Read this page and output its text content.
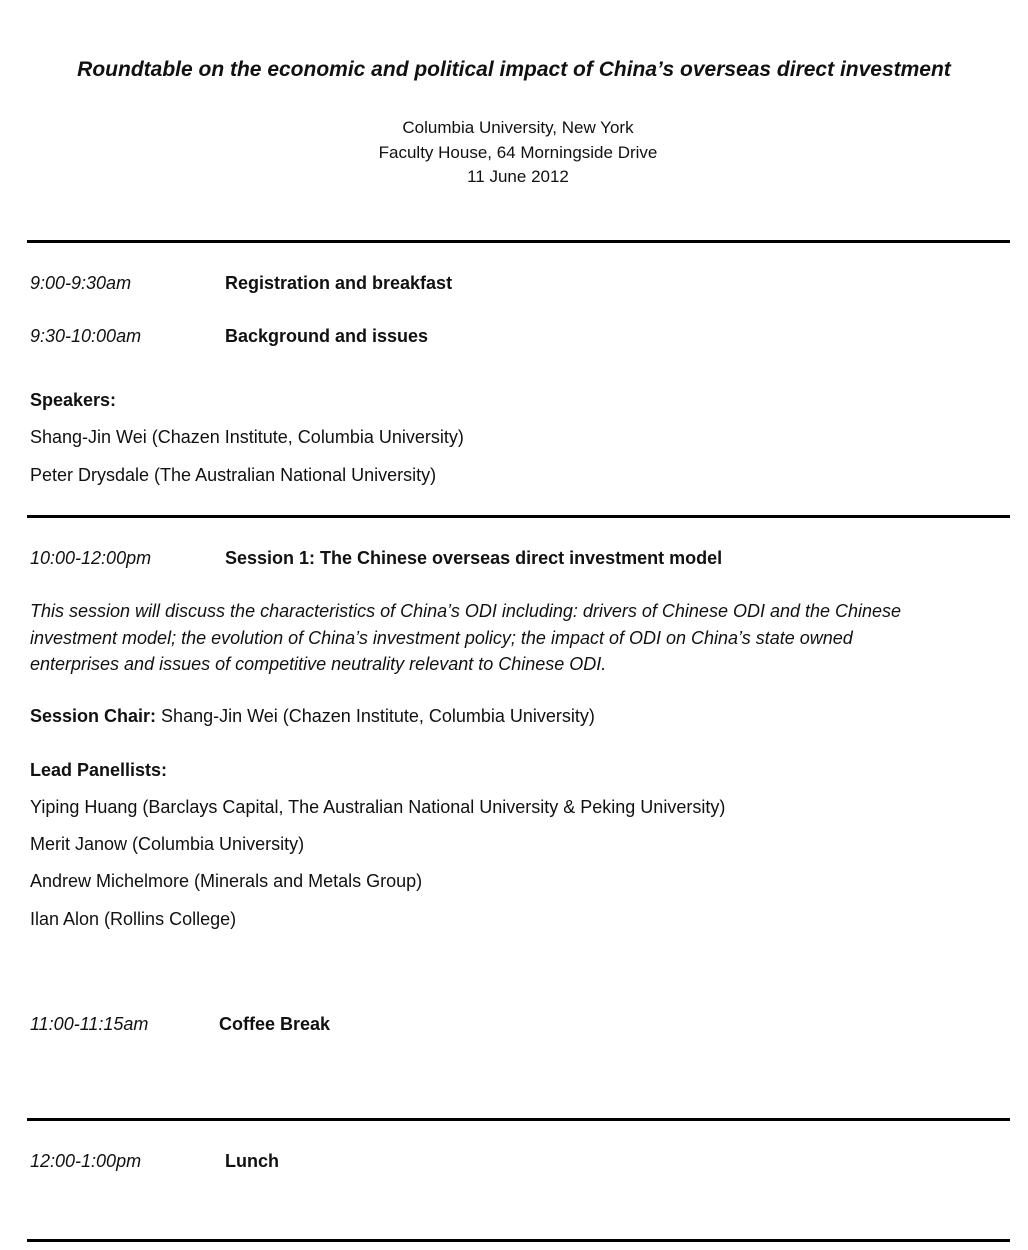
Roundtable on the economic and political impact of China’s overseas direct investment
Columbia University, New York
Faculty House, 64 Morningside Drive
11 June 2012
9:00-9:30am	Registration and breakfast
9:30-10:00am	Background and issues
Speakers:
Shang-Jin Wei (Chazen Institute, Columbia University)
Peter Drysdale (The Australian National University)
10:00-12:00pm	Session 1: The Chinese overseas direct investment model
This session will discuss the characteristics of China’s ODI including: drivers of Chinese ODI and the Chinese
investment model; the evolution of China’s investment policy; the impact of ODI on China’s state owned
enterprises and issues of competitive neutrality relevant to Chinese ODI.
Session Chair: Shang-Jin Wei (Chazen Institute, Columbia University)
Lead Panellists:
Yiping Huang (Barclays Capital, The Australian National University & Peking University)
Merit Janow (Columbia University)
Andrew Michelmore (Minerals and Metals Group)
Ilan Alon (Rollins College)
11:00-11:15am	Coffee Break
12:00-1:00pm	Lunch
